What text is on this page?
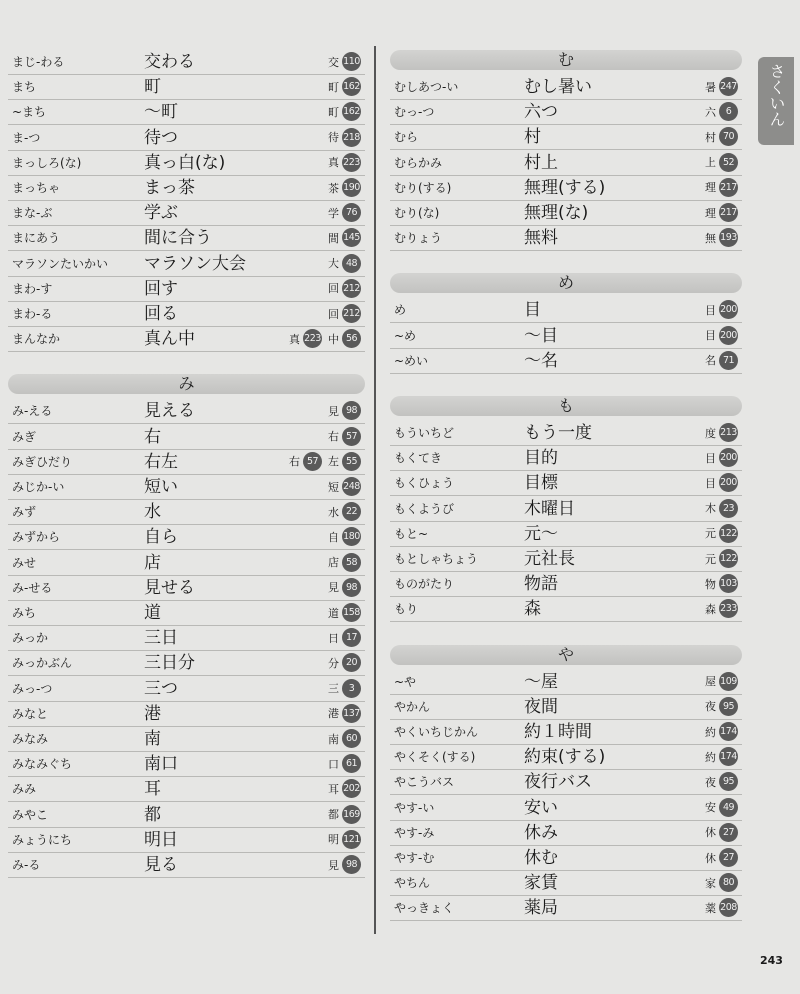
さくいん
まじ-わる	交わる	交 110
まち	町	町 162
~まち	～町	町 162
ま-つ	待つ	待 218
まっしろ(な)	真っ白(な)	真 223
まっちゃ	まっ茶	茶 190
まな-ぶ	学ぶ	学 76
まにあう	間に合う	間 145
マラソンたいかい マラソン大会	大 48
まわ-す	回す	回 212
まわ-る	回る	回 212
まんなか	真ん中	真 223 中 56
み
み-える	見える	見 98
みぎ	右	右 57
みぎひだり	右左	右 57 左 55
みじか-い	短い	短 248
みず	水	水 22
みずから	自ら	自 180
みせ	店	店 58
み-せる	見せる	見 98
みち	道	道 158
みっか	三日	日 17
みっかぶん	三日分	分 20
みっ-つ	三つ	三	3
みなと	港	港 137
みなみ	南	南 60
みなみぐち	南口	口 61
みみ	耳	耳 202
みやこ	都	都 169
みょうにち	明日	明 121
み-る	見る	見 98
む
むしあつ-い	むし暑い	暑 247
むっ-つ	六つ	六	6
むら	村	村 70
むらかみ	村上	上 52
むり(する)	無理(する)	理 217
むり(な)	無理(な)	理 217
むりょう	無料	無 193
め
め	目	目 200
~め	～目	目 200
~めい	～名	名 71
も
もういちど	もう一度	度 213
もくてき	目的	目 200
もくひょう	目標	目 200
もくようび	木曜日	木 23
もと~	元～	元 122
もとしゃちょう	元社長	元 122
ものがたり	物語	物 103
もり	森	森 233
や
~や	～屋	屋 109
やかん	夜間	夜 95
やくいちじかん	約１時間	約 174
やくそく(する)	約束(する)	約 174
やこうバス	夜行バス	夜 95
やす-い	安い	安 49
やす-み	休み	休 27
やす-む	休む	休 27
やちん	家賃	家 80
やっきょく	薬局	薬 208
243
